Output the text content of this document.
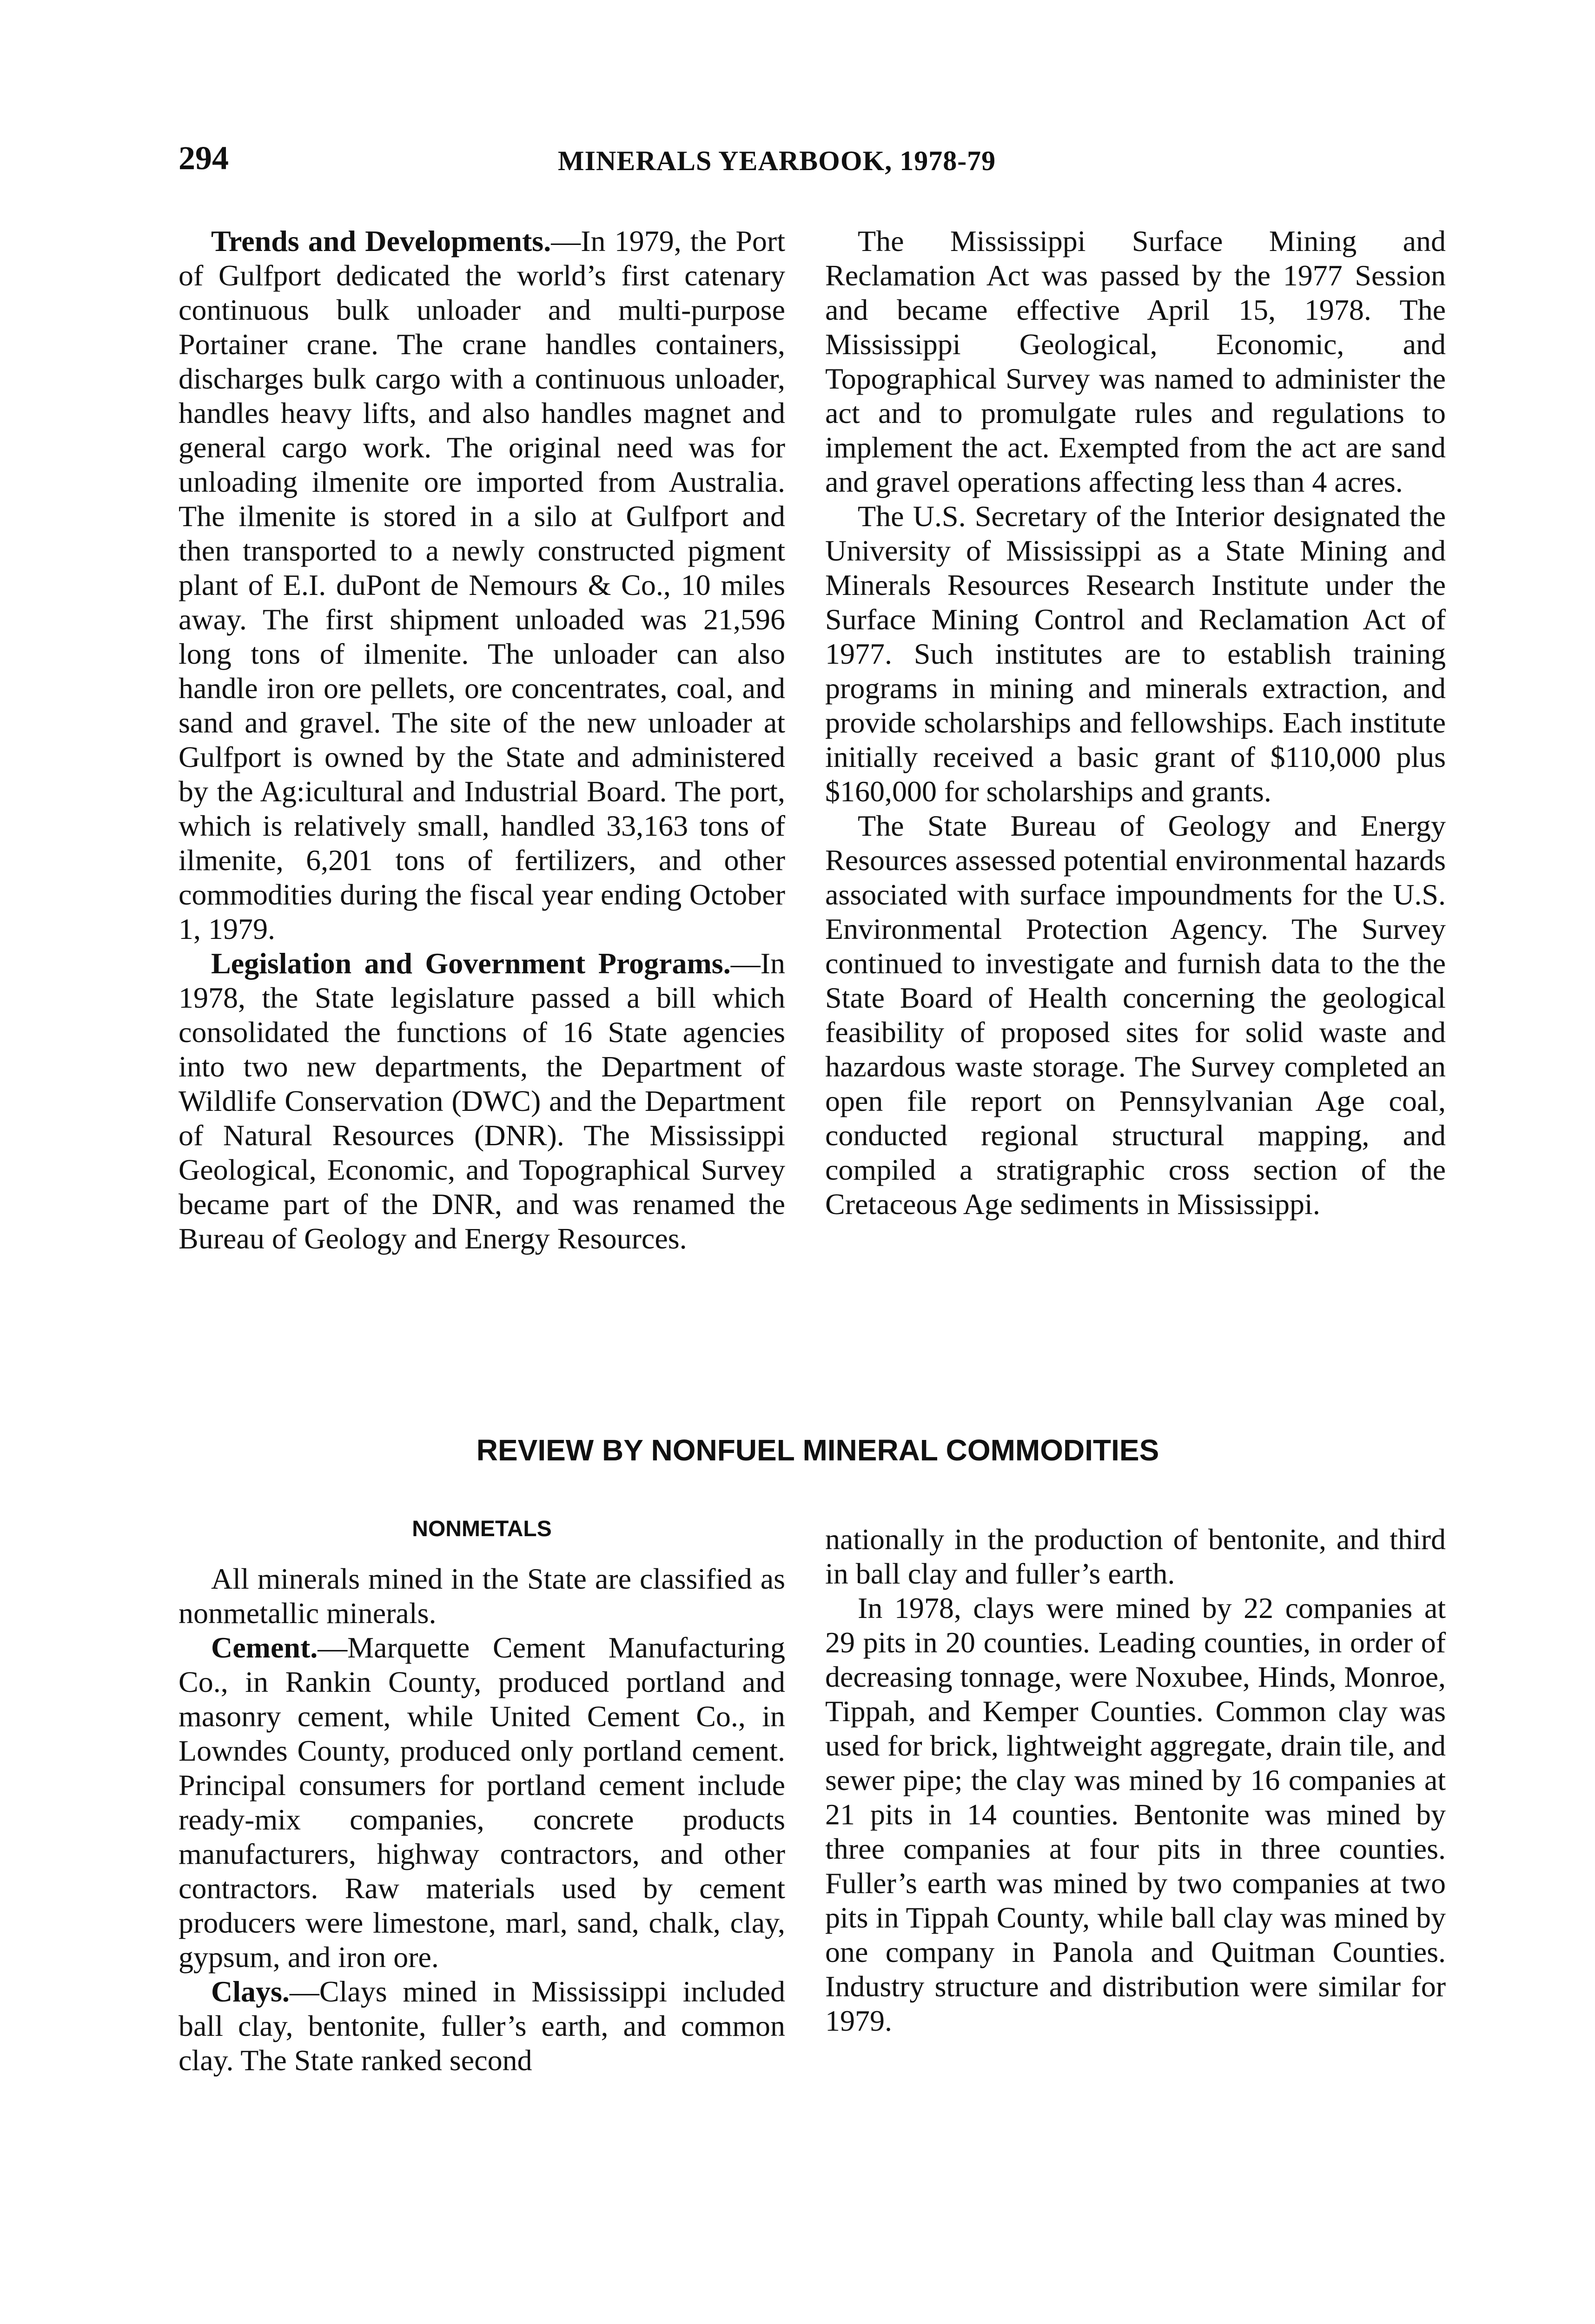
294	MINERALS YEARBOOK, 1978-79

Trends and Developments.—In 1979, the Port of Gulfport dedicated the world’s first catenary continuous bulk unloader and multi-purpose Portainer crane. The crane handles containers, discharges bulk cargo with a continuous unloader, handles heavy lifts, and also handles magnet and general cargo work. The original need was for unloading ilmenite ore imported from Australia. The ilmenite is stored in a silo at Gulfport and then transported to a newly constructed pigment plant of E.I. duPont de Nemours & Co., 10 miles away. The first shipment unloaded was 21,596 long tons of ilmenite. The unloader can also handle iron ore pellets, ore concentrates, coal, and sand and gravel. The site of the new unloader at Gulfport is owned by the State and administered by the Ag:icultural and Industrial Board. The port, which is relatively small, handled 33,163 tons of ilmenite, 6,201 tons of fertilizers, and other commodities during the fiscal year ending October 1, 1979.

Legislation and Government Programs.—In 1978, the State legislature passed a bill which consolidated the functions of 16 State agencies into two new departments, the Department of Wildlife Conservation (DWC) and the Department of Natural Resources (DNR). The Mississippi Geological, Economic, and Topographical Survey became part of the DNR, and was renamed the Bureau of Geology and Energy Resources.

The Mississippi Surface Mining and Reclamation Act was passed by the 1977 Session and became effective April 15, 1978. The Mississippi Geological, Economic, and Topographical Survey was named to administer the act and to promulgate rules and regulations to implement the act. Exempted from the act are sand and gravel operations affecting less than 4 acres.

The U.S. Secretary of the Interior designated the University of Mississippi as a State Mining and Minerals Resources Research Institute under the Surface Mining Control and Reclamation Act of 1977. Such institutes are to establish training programs in mining and minerals extraction, and provide scholarships and fellowships. Each institute initially received a basic grant of $110,000 plus $160,000 for scholarships and grants.

The State Bureau of Geology and Energy Resources assessed potential environmental hazards associated with surface impoundments for the U.S. Environmental Protection Agency. The Survey continued to investigate and furnish data to the the State Board of Health concerning the geological feasibility of proposed sites for solid waste and hazardous waste storage. The Survey completed an open file report on Pennsylvanian Age coal, conducted regional structural mapping, and compiled a stratigraphic cross section of the Cretaceous Age sediments in Mississippi.

REVIEW BY NONFUEL MINERAL COMMODITIES
NONMETALS

All minerals mined in the State are classified as nonmetallic minerals.

Cement.—Marquette Cement Manufacturing Co., in Rankin County, produced portland and masonry cement, while United Cement Co., in Lowndes County, produced only portland cement. Principal consumers for portland cement include ready-mix companies, concrete products manufacturers, highway contractors, and other contractors. Raw materials used by cement producers were limestone, marl, sand, chalk, clay, gypsum, and iron ore.

Clays.—Clays mined in Mississippi included ball clay, bentonite, fuller’s earth, and common clay. The State ranked second

nationally in the production of bentonite, and third in ball clay and fuller’s earth.

In 1978, clays were mined by 22 companies at 29 pits in 20 counties. Leading counties, in order of decreasing tonnage, were Noxubee, Hinds, Monroe, Tippah, and Kemper Counties. Common clay was used for brick, lightweight aggregate, drain tile, and sewer pipe; the clay was mined by 16 companies at 21 pits in 14 counties. Bentonite was mined by three companies at four pits in three counties. Fuller’s earth was mined by two companies at two pits in Tippah County, while ball clay was mined by one company in Panola and Quitman Counties. Industry structure and distribution were similar for 1979.
